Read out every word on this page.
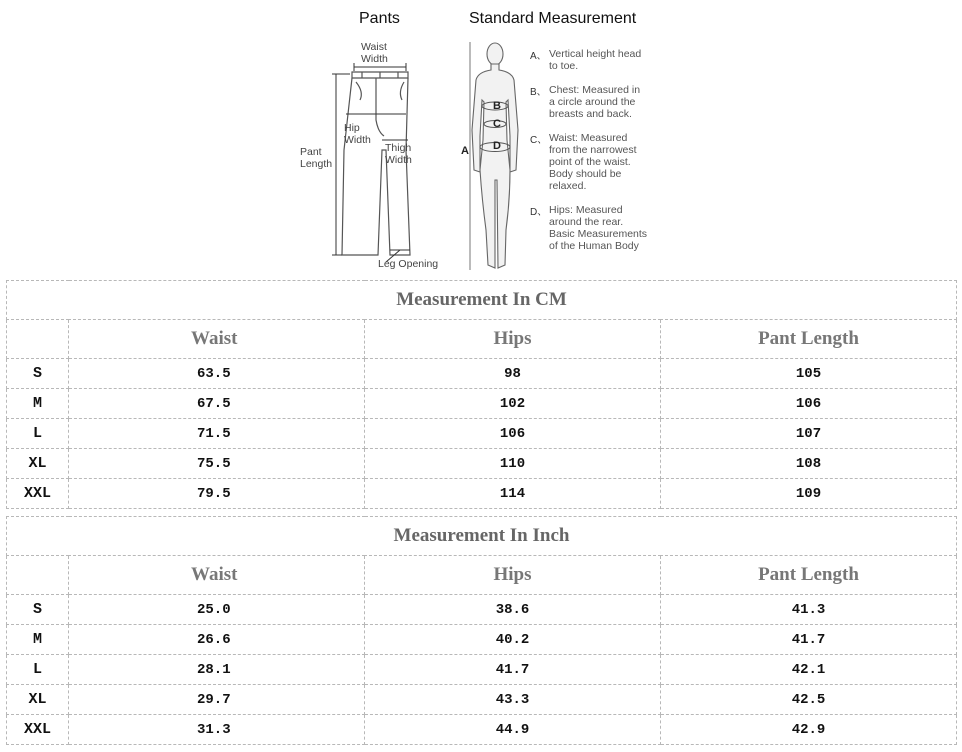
Pants	Standard Measurement
Waist
Width
Hip
Width
Thigh
Width
Pant
Length
Leg Opening
B
C
A D
A、 Vertical height head
to toe.
B、 Chest: Measured in
a circle around the
breasts and back.
C、 Waist: Measured
from the narrowest
point of the waist.
Body should be
relaxed.
D、 Hips: Measured
around the rear.
Basic Measurements
of the Human Body
Measurement In CM			
	Waist	Hips	Pant Length
S	63.5	98	105
M	67.5	102	106
L	71.5	106	107
XL	75.5	110	108
XXL	79.5	114	109
Measurement In Inch			
	Waist	Hips	Pant Length
S	25.0	38.6	41.3
M	26.6	40.2	41.7
L	28.1	41.7	42.1
XL	29.7	43.3	42.5
XXL	31.3	44.9	42.9
